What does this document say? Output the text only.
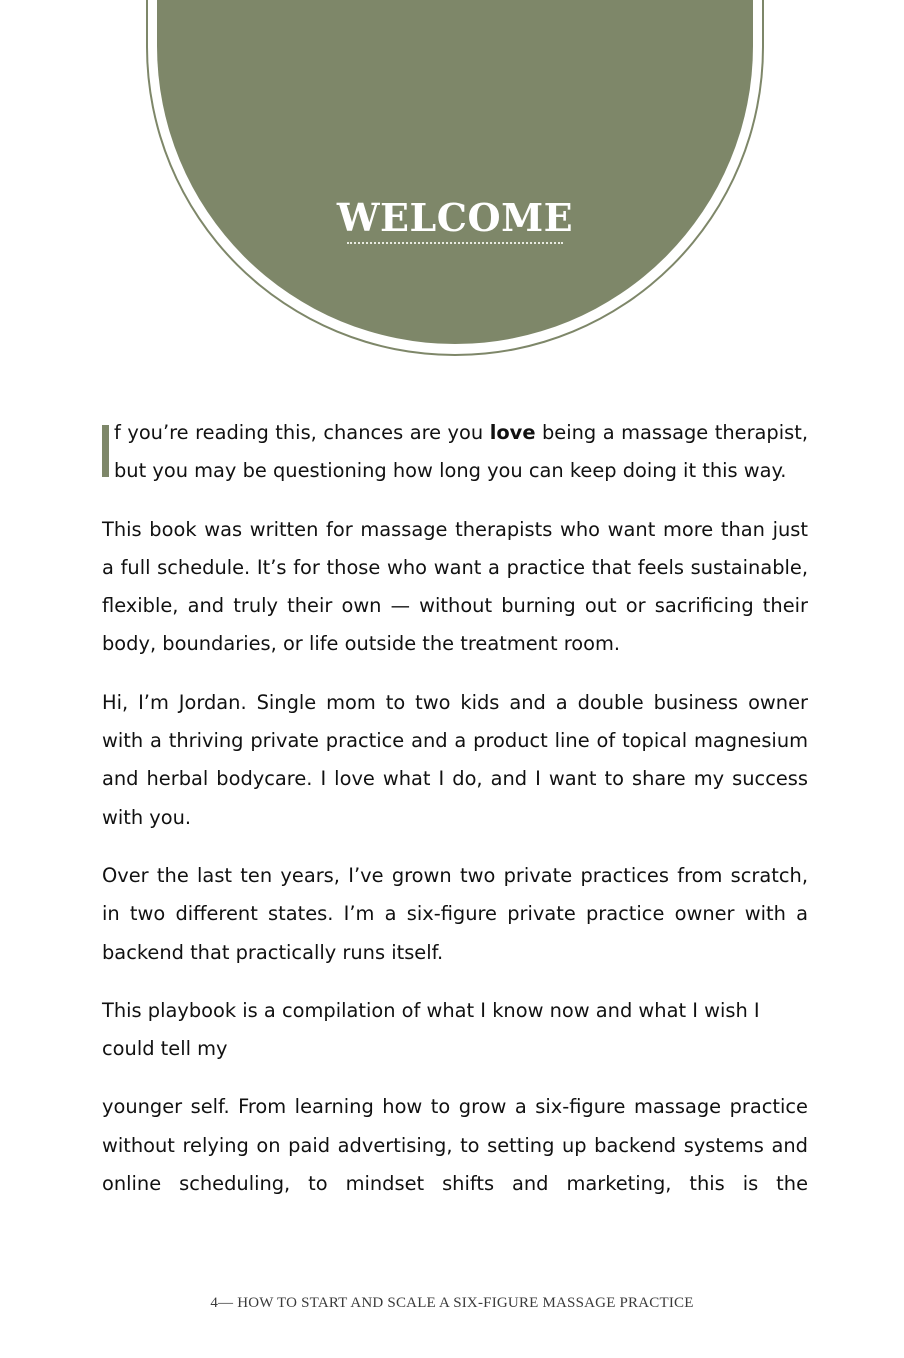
WELCOME

f you’re reading this, chances are you love being a massage therapist, but you may be questioning how long you can keep doing it this way.

This book was written for massage therapists who want more than just a full schedule. It’s for those who want a practice that feels sustainable, flexible, and truly their own — without burning out or sacrificing their body, boundaries, or life outside the treatment room.

Hi, I’m Jordan. Single mom to two kids and a double business owner with a thriving private practice and a product line of topical magnesium and herbal bodycare. I love what I do, and I want to share my success with you.

Over the last ten years, I’ve grown two private practices from scratch, in two different states. I’m a six-figure private practice owner with a backend that practically runs itself.

This playbook is a compilation of what I know now and what I wish I could tell my

younger self. From learning how to grow a six-figure massage practice without relying on paid advertising, to setting up backend systems and online scheduling, to mindset shifts and marketing, this is the

4— HOW TO START AND SCALE A SIX-FIGURE MASSAGE PRACTICE
